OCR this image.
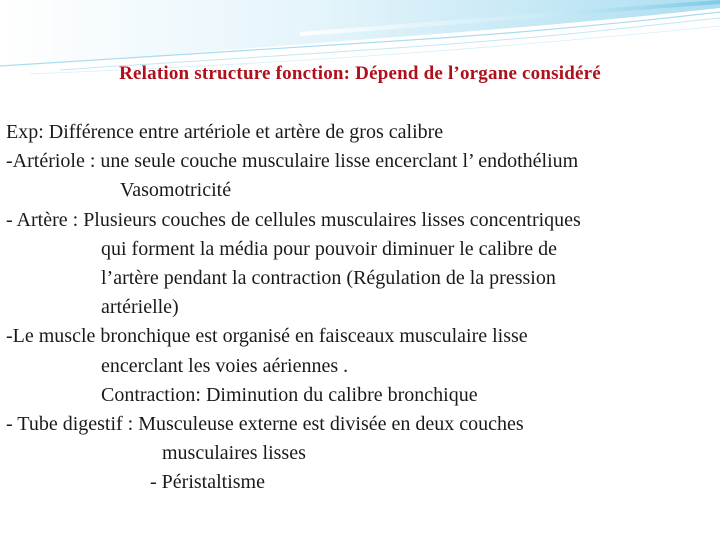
Relation structure fonction: Dépend de l’organe considéré
Exp: Différence entre artériole et artère de gros calibre
-Artériole : une seule couche musculaire lisse encerclant l’ endothélium
Vasomotricité
- Artère : Plusieurs couches de cellules musculaires lisses concentriques
qui forment la média pour pouvoir diminuer le calibre de
l’artère pendant la contraction (Régulation de la pression
artérielle)
-Le muscle bronchique est organisé en faisceaux musculaire lisse
encerclant les voies aériennes .
Contraction: Diminution du calibre bronchique
- Tube digestif : Musculeuse externe est divisée en deux couches
musculaires lisses
- Péristaltisme
